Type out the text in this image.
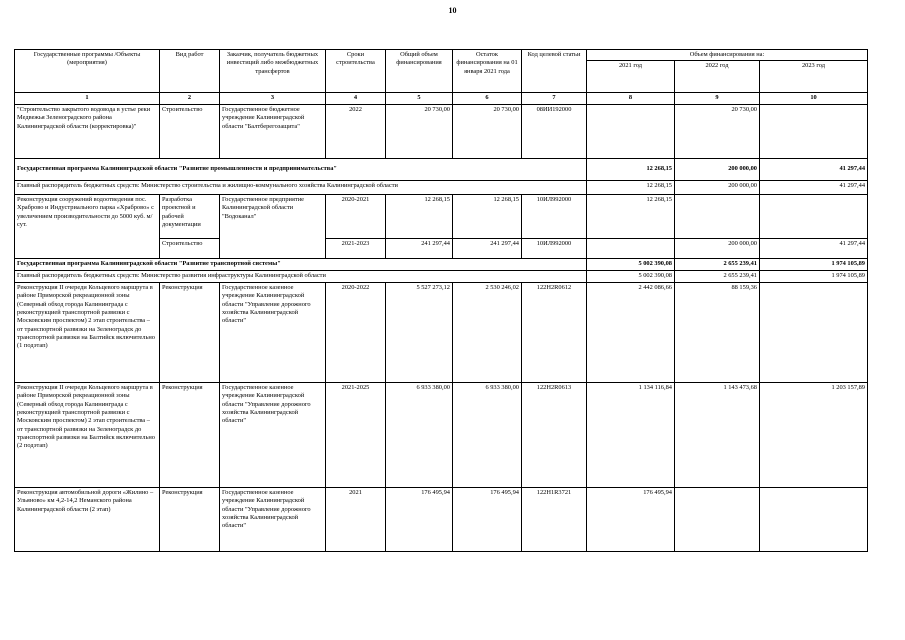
10
Государственные программы /Объекты (мероприятия)	Вид работ	Заказчик, получатель бюджетных инвестиций либо межбюджетных трансфертов	Сроки строительства	Общий объем финансирования	Остаток финансирования на 01 января 2021 года	Код целевой статьи	Объем финансирования на:		
							2021 год	2022 год	2023 год
1	2	3	4	5	6	7	8	9	10
"Строительство закрытого водовода в устье реки Медвежья Зеленоградского района Калининградской области (корректировка)"	Строительство	Государственное бюджетное учреждение Калининградской области "Балтберегозащита"	2022	20 730,00	20 730,00	08ИИ192000		20 730,00	
Государственная программа Калининградской области "Развитие промышленности и предпринимательства"							12 268,15	200 000,00	41 297,44
Главный распорядитель бюджетных средств: Министерство строительства и жилищно-коммунального хозяйства Калининградской области							12 268,15	200 000,00	41 297,44
Реконструкция сооружений водоотведения пос. Храброво и Индустриального парка «Храброво» с увеличением производительности до 5000 куб. м/сут.	Разработка проектной и рабочей документации	Государственное предприятие Калининградской области "Водоканал"	2020-2021	12 268,15	12 268,15	10ИЛ992000	12 268,15		
	Строительство		2021-2023	241 297,44	241 297,44	10ИЛ992000		200 000,00	41 297,44
Государственная программа Калининградской области "Развитие транспортной системы"							5 002 390,08	2 655 239,41	1 974 105,89
Главный распорядитель бюджетных средств: Министерство развития инфраструктуры Калининградской области							5 002 390,08	2 655 239,41	1 974 105,89
Реконструкция II очереди Кольцевого маршрута в районе Приморской рекреационной зоны (Северный обход города Калининграда с реконструкцией транспортной развязки с Московским проспектом) 2 этап строительства – от транспортной развязки на Зеленоградск до транспортной развязки на Балтийск включительно (1 подэтап)	Реконструкция	Государственное казенное учреждение Калининградской области "Управление дорожного хозяйства Калининградской области"	2020-2022	5 527 273,12	2 530 246,02	122H2R0612	2 442 086,66	88 159,36	
Реконструкция II очереди Кольцевого маршрута в районе Приморской рекреационной зоны (Северный обход города Калининграда с реконструкцией транспортной развязки с Московским проспектом) 2 этап строительства – от транспортной развязки на Зеленоградск до транспортной развязки на Балтийск включительно (2 подэтап)	Реконструкция	Государственное казенное учреждение Калининградской области "Управление дорожного хозяйства Калининградской области"	2021-2025	6 933 380,00	6 933 380,00	122H2R0613	1 134 116,84	1 143 473,68	1 203 157,89
Реконструкция автомобильной дороги «Жилино – Ульяново» км 4,2-14,2 Неманского района Калининградской области (2 этап)	Реконструкция	Государственное казенное учреждение Калининградской области "Управление дорожного хозяйства Калининградской области"	2021	176 495,94	176 495,94	122H1R3721	176 495,94		
